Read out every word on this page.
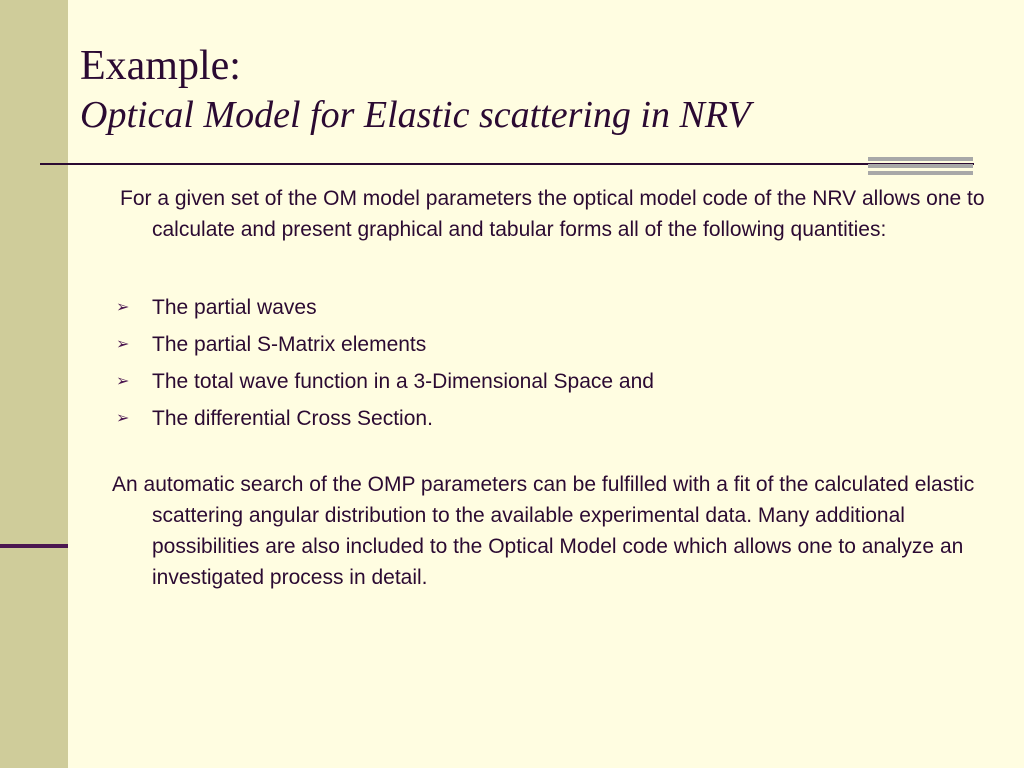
Example:
Optical Model for Elastic scattering in NRV

For a given set of the OM model parameters the optical model code of the NRV allows one to calculate and present graphical and tabular forms all of the following quantities:

➢ The partial waves
➢ The partial S-Matrix elements
➢ The total wave function in a 3-Dimensional Space and
➢ The differential Cross Section.

An automatic search of the OMP parameters can be fulfilled with a fit of the calculated elastic scattering angular distribution to the available experimental data. Many additional possibilities are also included to the Optical Model code which allows one to analyze an investigated process in detail.
